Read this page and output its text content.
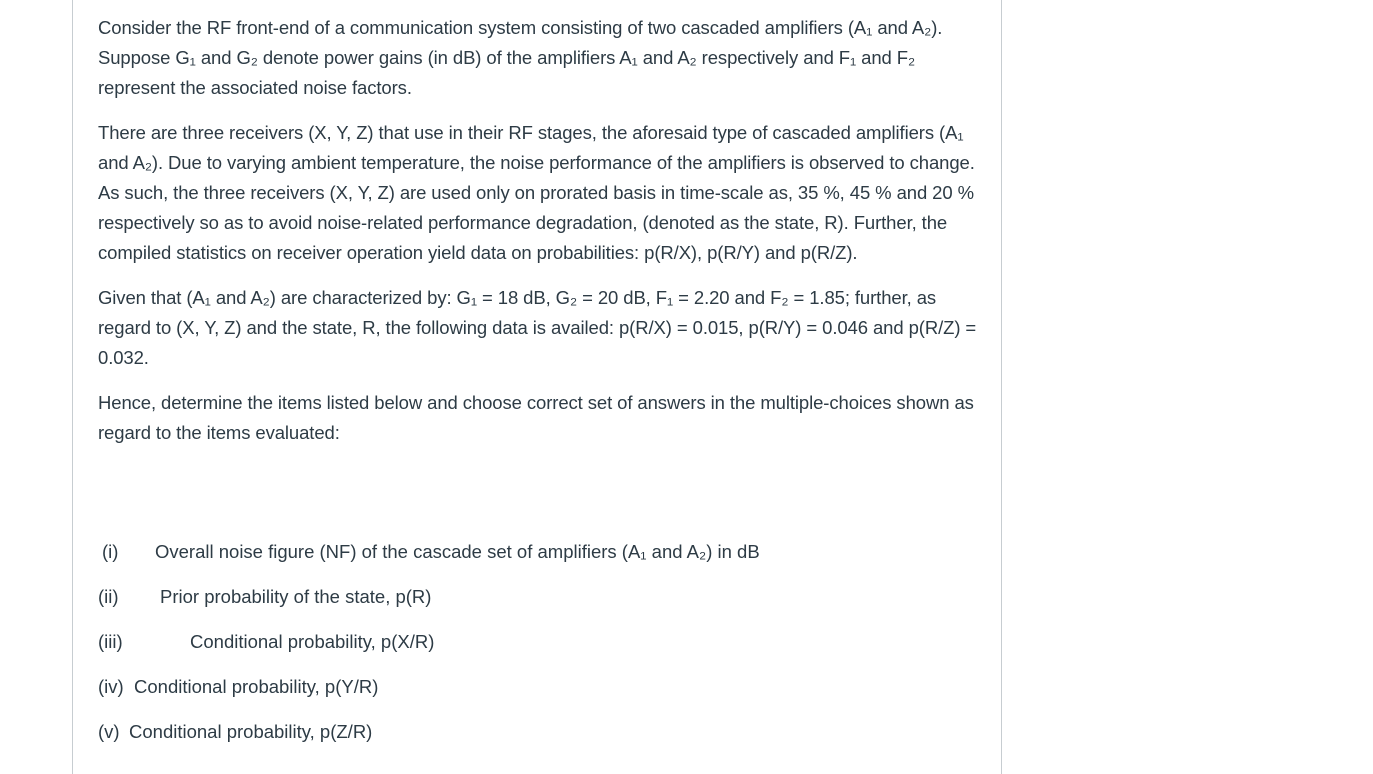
Consider the RF front-end of a communication system consisting of two cascaded amplifiers (A₁ and A₂). Suppose G₁ and G₂ denote power gains (in dB) of the amplifiers A₁ and A₂ respectively and F₁ and F₂ represent the associated noise factors.

There are three receivers (X, Y, Z) that use in their RF stages, the aforesaid type of cascaded amplifiers (A₁ and A₂). Due to varying ambient temperature, the noise performance of the amplifiers is observed to change. As such, the three receivers (X, Y, Z) are used only on prorated basis in time-scale as, 35 %, 45 % and 20 % respectively so as to avoid noise-related performance degradation, (denoted as the state, R). Further, the compiled statistics on receiver operation yield data on probabilities: p(R/X), p(R/Y) and p(R/Z).

Given that (A₁ and A₂) are characterized by: G₁ = 18 dB, G₂ = 20 dB, F₁ = 2.20 and F₂ = 1.85; further, as regard to (X, Y, Z) and the state, R, the following data is availed: p(R/X) = 0.015, p(R/Y) = 0.046 and p(R/Z) = 0.032.

Hence, determine the items listed below and choose correct set of answers in the multiple-choices shown as regard to the items evaluated:

(i) Overall noise figure (NF) of the cascade set of amplifiers (A₁ and A₂) in dB
(ii) Prior probability of the state, p(R)
(iii)	Conditional probability, p(X/R)
(iv) Conditional probability, p(Y/R)
(v) Conditional probability, p(Z/R)
